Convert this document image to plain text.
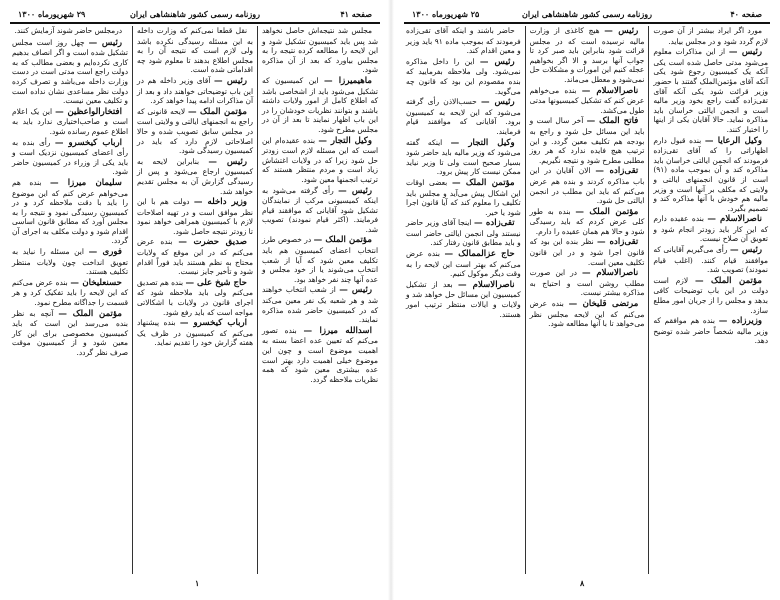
صفحه ۴۱
روزنامه رسمی کشور شاهنشاهی ایران
۲۹ شهریورماه ۱۳۰۰

مجلس شد نتیجه‌اش حاصل نخواهد شد پس باید کمیسیون تشکیل شود و این لایحه را مطالعه کرده نتیجه را به مجلس بیاورد که بعد از آن مذاکره شود.

ماهیمیرزا — این کمیسیون که تشکیل می‌شود باید از اشخاصی باشد که اطلاع کامل از امور ولایات داشته باشند و بتوانند نظریات خودشان را در این باب اظهار نمایند تا بعد از آن در مجلس مطرح شود.

وکیل التجار — بنده عقیده‌ام این است که این مسئله لازم است زودتر حل شود زیرا که در ولایات اغتشاش زیاد است و مردم منتظر هستند که ترتیب انجمنها معین شود.

رئیس — رأی گرفته می‌شود به اینکه کمیسیونی مرکب از نمایندگان تشکیل شود آقایانی که موافقند قیام فرمایند. (اکثر قیام نمودند) تصویب شد.

مؤتمن الملک — در خصوص طرز انتخاب اعضای کمیسیون هم باید تکلیف معین شود که آیا از شعب انتخاب می‌شوند یا از خود مجلس و عده آنها چند نفر خواهد بود.

رئیس — از شعب انتخاب خواهند شد و هر شعبه یک نفر معین می‌کند که در کمیسیون حاضر شده مذاکره نمایند.

اسدالله میرزا — بنده تصور می‌کنم که تعیین عده اعضا بسته به اهمیت موضوع است و چون این موضوع خیلی اهمیت دارد بهتر است عده بیشتری معین شود که همه نظریات ملاحظه گردد.

نقل قطعا نمی‌کنم که وزارت داخله به این مسئله رسیدگی نکرده باشد ولی لازم است که نتیجه آن را به مجلس اطلاع بدهند تا معلوم شود چه اقداماتی شده است.

رئیس — آقای وزیر داخله هم در این باب توضیحاتی خواهند داد و بعد از آن مذاکرات ادامه پیدا خواهد کرد.

مؤتمن الملک — لایحه قانونی که راجع به انجمنهای ایالتی و ولایتی است در مجلس سابق تصویب شده و حالا اصلاحاتی لازم دارد که باید در کمیسیون رسیدگی شود.

رئیس — بنابراین لایحه به کمیسیون ارجاع می‌شود و پس از رسیدگی گزارش آن به مجلس تقدیم خواهد شد.

وزیر داخله — دولت هم با این نظر موافق است و در تهیه اصلاحات لازم با کمیسیون همراهی خواهد نمود تا زودتر نتیجه حاصل شود.

صدیق حضرت — بنده عرض می‌کنم که در این موقع که ولایات محتاج به نظم هستند باید فوراً اقدام شود و تأخیر جایز نیست.

حاج شیخ علی — بنده هم تصدیق می‌کنم ولی باید ملاحظه شود که اجرای قانون در ولایات با اشکالاتی مواجه است که باید رفع شود.

ارباب کیخسرو — بنده پیشنهاد می‌کنم که کمیسیون در ظرف یک هفته گزارش خود را تقدیم نماید.

درمجلس حاضر شوند آزمایش کنند.

رئیس — چهل روز است مجلس تشکیل شده است و اگر انصاف بدهیم کاری نکرده‌ایم و بعضی مطالب که به دولت راجع است مدتی است در دست وزارت داخله می‌باشد و تصرف کرده دولت نظر مساعدی نشان نداده است و تکلیف معین نیست.

افتخارالواعظین — این یک اعلام است و صاحب‌اختیاری ندارد باید به اطلاع عموم رسانده شود.

ارباب کیخسرو — رأی بنده به رأی اعضای کمیسیون نزدیک است و باید یکی از وزراء در کمیسیون حاضر شود.

سلیمان میرزا — بنده هم می‌خواهم عرض کنم که این موضوع را باید با دقت ملاحظه کرد و در کمیسیون رسیدگی نمود و نتیجه را به مجلس آورد که مطابق قانون اساسی اقدام شود و دولت مکلف به اجرای آن گردد.

فوری — این مسئله را نباید به تعویق انداخت چون ولایات منتظر تکلیف هستند.

حسنعلیخان — بنده عرض می‌کنم که این لایحه را باید تفکیک کرد و هر قسمت را جداگانه مطرح نمود.

مؤتمن الملک — آنچه به نظر بنده می‌رسد این است که باید کمیسیون مخصوصی برای این کار معین شود و از کمیسیون موقت صرف نظر گردد.

۱
صفحه ۴۰
روزنامه رسمی کشور شاهنشاهی ایران
۲۵ شهریورماه ۱۳۰۰

مورد اگر ایراد بیشتر از آن صورت لازم گردد شود و در مجلس بیاید.

رئیس — از این مذاکرات معلوم می‌شود مدتی حاصل شده است یکی آنکه یک کمیسیون رجوع شود یکی آنکه آقای مؤتمن‌الملک گفتند با حضور وزیر قرائت شود یکی آنکه آقای تقی‌زاده گفت راجع بخود وزیر مالیه است و انجمن ایالتی خراسان باید مذاکره نماید. حالا آقایان یکی از اینها را اختیار کنند.

وکیل الرعایا — بنده قبول دارم اظهاراتی را که آقای تقی‌زاده فرمودند که انجمن ایالتی خراسان باید مذاکره کند و آن بموجب ماده (۹۱) است از قانون انجمنهای ایالتی و ولایتی که مکلف بر آنها است و وزیر مالیه هم خودش با آنها مذاکره کند و تصمیم بگیرد.

ناصرالاسلام — بنده عقیده دارم که این کار باید زودتر انجام شود و تعویق آن صلاح نیست.

رئیس — رأی می‌گیریم آقایانی که موافقند قیام کنند. (اغلب قیام نمودند) تصویب شد.

مؤتمن الملک — لازم است دولت در این باب توضیحات کافی بدهد و مجلس را از جریان امور مطلع سازد.

وزیرزاده — بنده هم موافقم که وزیر مالیه شخصاً حاضر شده توضیح دهد.

رئیس — هیچ کاغذی از وزارت مالیه نرسیده است که در مجلس قرائت شود بنابراین باید صبر کرد تا جواب آنها برسد و الا اگر بخواهیم عجله کنیم این امورات و مشکلات حل نمی‌شود و معطل می‌ماند.

ناصرالاسلام — بنده می‌خواهم عرض کنم که تشکیل کمیسیونها مدتی طول می‌کشد.

فاتح الملک — آخر سال است و باید این مسائل حل شود و راجع به بودجه هم تکلیف معین گردد. و این ترتیب هیچ فایده ندارد که هر روز مطلبی مطرح شود و نتیجه نگیریم.

تقی‌زاده — الان آقایان در این باب مذاکره کردند و بنده هم عرض می‌کنم که باید این مطلب در انجمن ایالتی حل شود.

مؤتمن الملک — بنده به طور کلی عرض کردم که باید رسیدگی شود و حالا هم همان عقیده را دارم.

تقی‌زاده — نظر بنده این بود که قانون اجرا شود و در این قانون تکلیف معین است.

ناصرالاسلام — در این صورت مطلب روشن است و احتیاج به مذاکره بیشتر نیست.

مرتضی قلیخان — بنده عرض می‌کنم که این لایحه مجلس نظر می‌خواهد تا با آنها مطالعه شود.

حاضر باشند و اینکه آقای تقی‌زاده فرمودند که بموجب ماده ۹۱ باید وزیر و معین اقدام کند.

رئیس — این را داخل مذاکره نمی‌شود. ولی ملاحظه بفرمایید که بنده مقصودم این بود که قانون چه می‌گوید.

رئیس — حسب‌الاذن رأی گرفته می‌شود که این لایحه به کمیسیون برود. آقایانی که موافقند قیام فرمایند.

وکیل التجار — اینکه گفته می‌شود که وزیر مالیه باید حاضر شود بسیار صحیح است ولی تا وزیر نیاید ممکن نیست کار پیش برود.

مؤتمن الملک — بعضی اوقات این اشکال پیش می‌آید و مجلس باید تکلیف را معلوم کند که آیا قانون اجرا شود یا خیر.

تقی‌زاده — اینجا آقای وزیر حاضر نیستند ولی انجمن ایالتی حاضر است و باید مطابق قانون رفتار کند.

حاج عزالممالک — بنده عرض می‌کنم که بهتر است این لایحه را به وقت دیگر موکول کنیم.

ناصرالاسلام — بعد از تشکیل کمیسیون این مسائل حل خواهد شد و ولایات و ایالات منتظر ترتیب امور هستند.

۸
